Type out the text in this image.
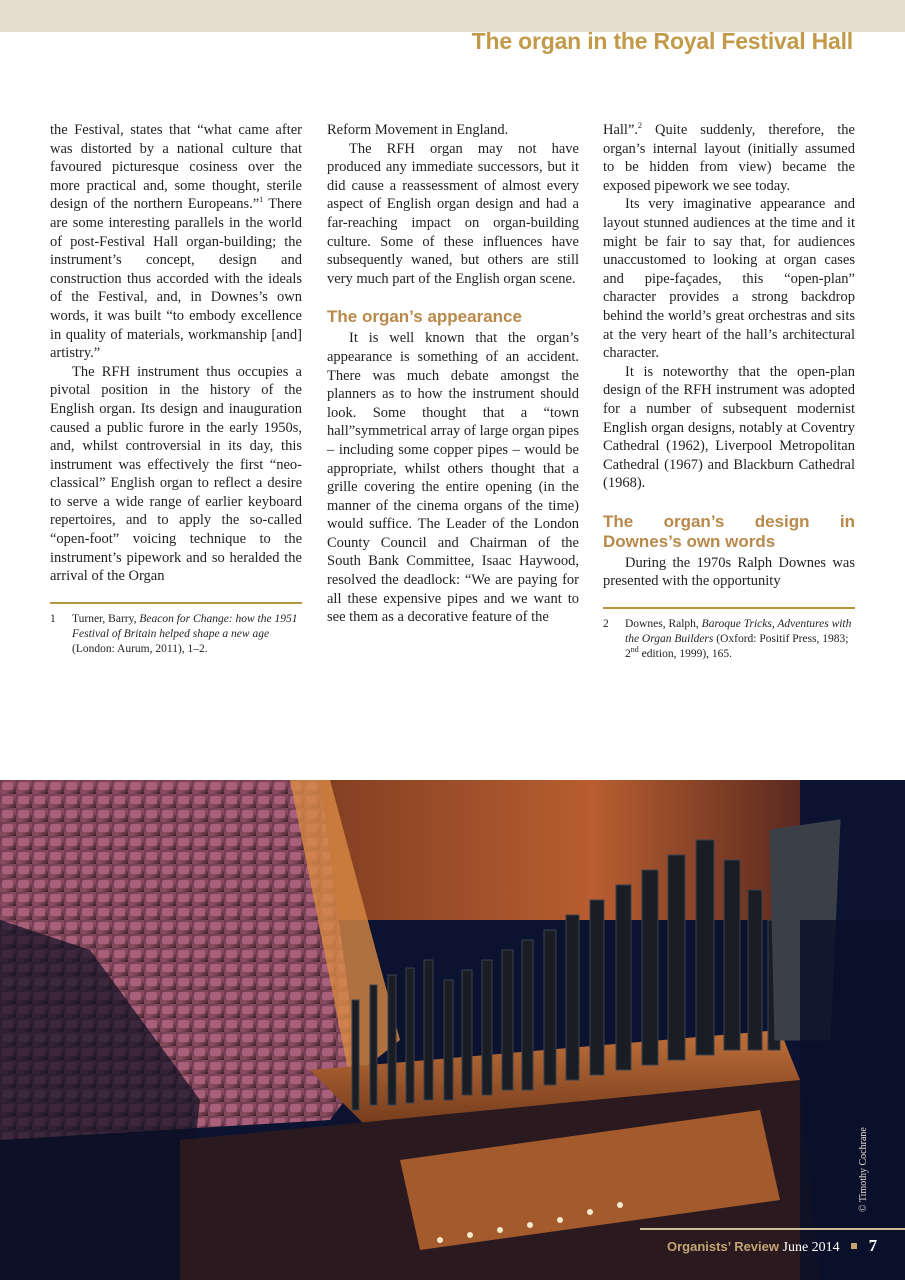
The organ in the Royal Festival Hall

the Festival, states that “what came after was distorted by a national culture that favoured picturesque cosiness over the more practical and, some thought, sterile design of the northern Europeans.”$^1$ There are some interesting parallels in the world of post-Festival Hall organ-building; the instrument’s concept, design and construction thus accorded with the ideals of the Festival, and, in Downes’s own words, it was built “to embody excellence in quality of materials, workmanship [and] artistry.”

The RFH instrument thus occupies a pivotal position in the history of the English organ. Its design and inauguration caused a public furore in the early 1950s, and, whilst controversial in its day, this instrument was effectively the first “neo-classical” English organ to reflect a desire to serve a wide range of earlier keyboard repertoires, and to apply the so-called “open-foot” voicing technique to the instrument’s pipework and so heralded the arrival of the Organ

1	Turner, Barry, Beacon for Change: how the 1951 Festival of Britain helped shape a new age (London: Aurum, 2011), 1–2.

Reform Movement in England.

The RFH organ may not have produced any immediate successors, but it did cause a reassessment of almost every aspect of English organ design and had a far-reaching impact on organ-building culture. Some of these influences have subsequently waned, but others are still very much part of the English organ scene.

The organ’s appearance

It is well known that the organ’s appearance is something of an accident. There was much debate amongst the planners as to how the instrument should look. Some thought that a “town hall”symmetrical array of large organ pipes – including some copper pipes – would be appropriate, whilst others thought that a grille covering the entire opening (in the manner of the cinema organs of the time) would suffice. The Leader of the London County Council and Chairman of the South Bank Committee, Isaac Haywood, resolved the deadlock: “We are paying for all these expensive pipes and we want to see them as a decorative feature of the

Hall”.$^2$ Quite suddenly, therefore, the organ’s internal layout (initially assumed to be hidden from view) became the exposed pipework we see today.

Its very imaginative appearance and layout stunned audiences at the time and it might be fair to say that, for audiences unaccustomed to looking at organ cases and pipe-façades, this “open-plan” character provides a strong backdrop behind the world’s great orchestras and sits at the very heart of the hall’s architectural character.

It is noteworthy that the open-plan design of the RFH instrument was adopted for a number of subsequent modernist English organ designs, notably at Coventry Cathedral (1962), Liverpool Metropolitan Cathedral (1967) and Blackburn Cathedral (1968).

The organ’s design in Downes’s own words

During the 1970s Ralph Downes was presented with the opportunity

2	Downes, Ralph, Baroque Tricks, Adventures with the Organ Builders (Oxford: Positif Press, 1983; 2nd edition, 1999), 165.
© Timothy Cochrane
Organists’ Review June 2014 7
